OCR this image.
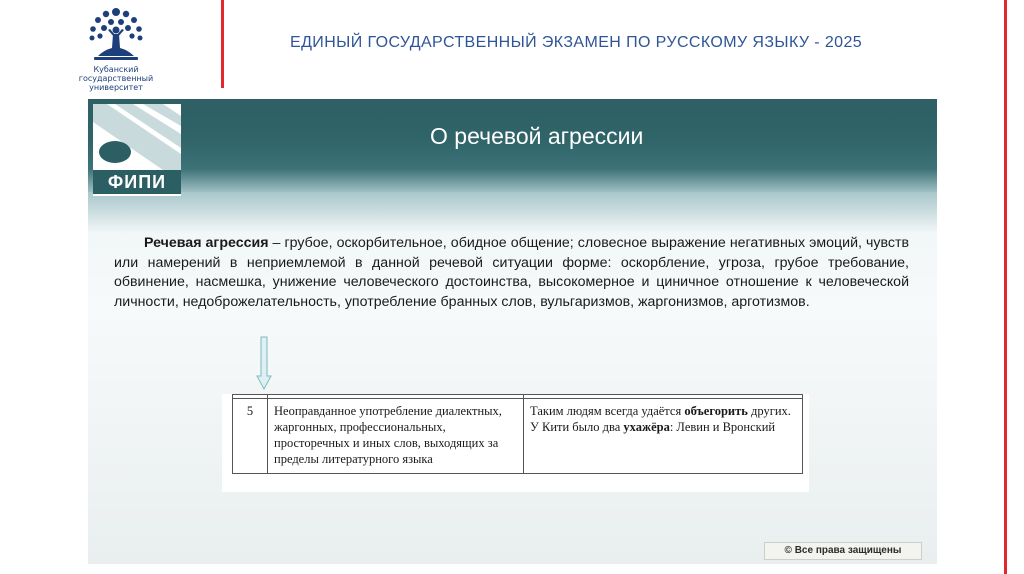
Кубанский
государственный
университет
ЕДИНЫЙ ГОСУДАРСТВЕННЫЙ ЭКЗАМЕН ПО РУССКОМУ ЯЗЫКУ - 2025
ФИПИ
О речевой агрессии
Речевая агрессия – грубое, оскорбительное, обидное общение; словесное выражение негативных эмоций, чувств или намерений в неприемлемой в данной речевой ситуации форме: оскорбление, угроза, грубое требование, обвинение, насмешка, унижение человеческого достоинства, высокомерное и циничное отношение к человеческой личности, недоброжелательность, употребление бранных слов, вульгаризмов, жаргонизмов, арготизмов.
5	Неоправданное употребление диалектных, жаргонных, профессиональных, просторечных и иных слов, выходящих за пределы литературного языка	Таким людям всегда удаётся объегорить других.
У Кити было два ухажёра: Левин и Вронский
© Все права защищены
